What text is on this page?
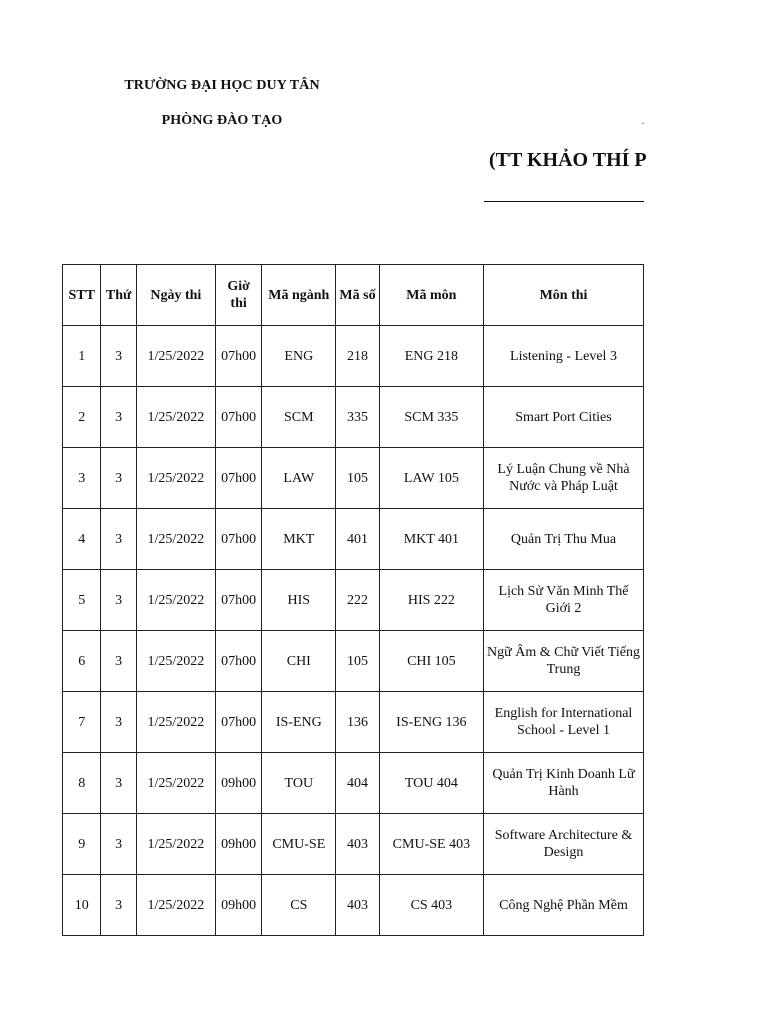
TRƯỜNG ĐẠI HỌC DUY TÂN
PHÒNG ĐÀO TẠO	·
(TT KHẢO THÍ P
STT	Thứ	Ngày thi	Giờ thi	Mã ngành	Mã số	Mã môn	Môn thi
1	3	1/25/2022	07h00	ENG	218	ENG 218	Listening - Level 3
2	3	1/25/2022	07h00	SCM	335	SCM 335	Smart Port Cities
3	3	1/25/2022	07h00	LAW	105	LAW 105	Lý Luận Chung về Nhà Nước và Pháp Luật
4	3	1/25/2022	07h00	MKT	401	MKT 401	Quản Trị Thu Mua
5	3	1/25/2022	07h00	HIS	222	HIS 222	Lịch Sử Văn Minh Thế Giới 2
6	3	1/25/2022	07h00	CHI	105	CHI 105	Ngữ Âm & Chữ Viết Tiếng Trung
7	3	1/25/2022	07h00	IS-ENG	136	IS-ENG 136	English for International School - Level 1
8	3	1/25/2022	09h00	TOU	404	TOU 404	Quản Trị Kinh Doanh Lữ Hành
9	3	1/25/2022	09h00	CMU-SE	403	CMU-SE 403	Software Architecture & Design
10	3	1/25/2022	09h00	CS	403	CS 403	Công Nghệ Phần Mềm
